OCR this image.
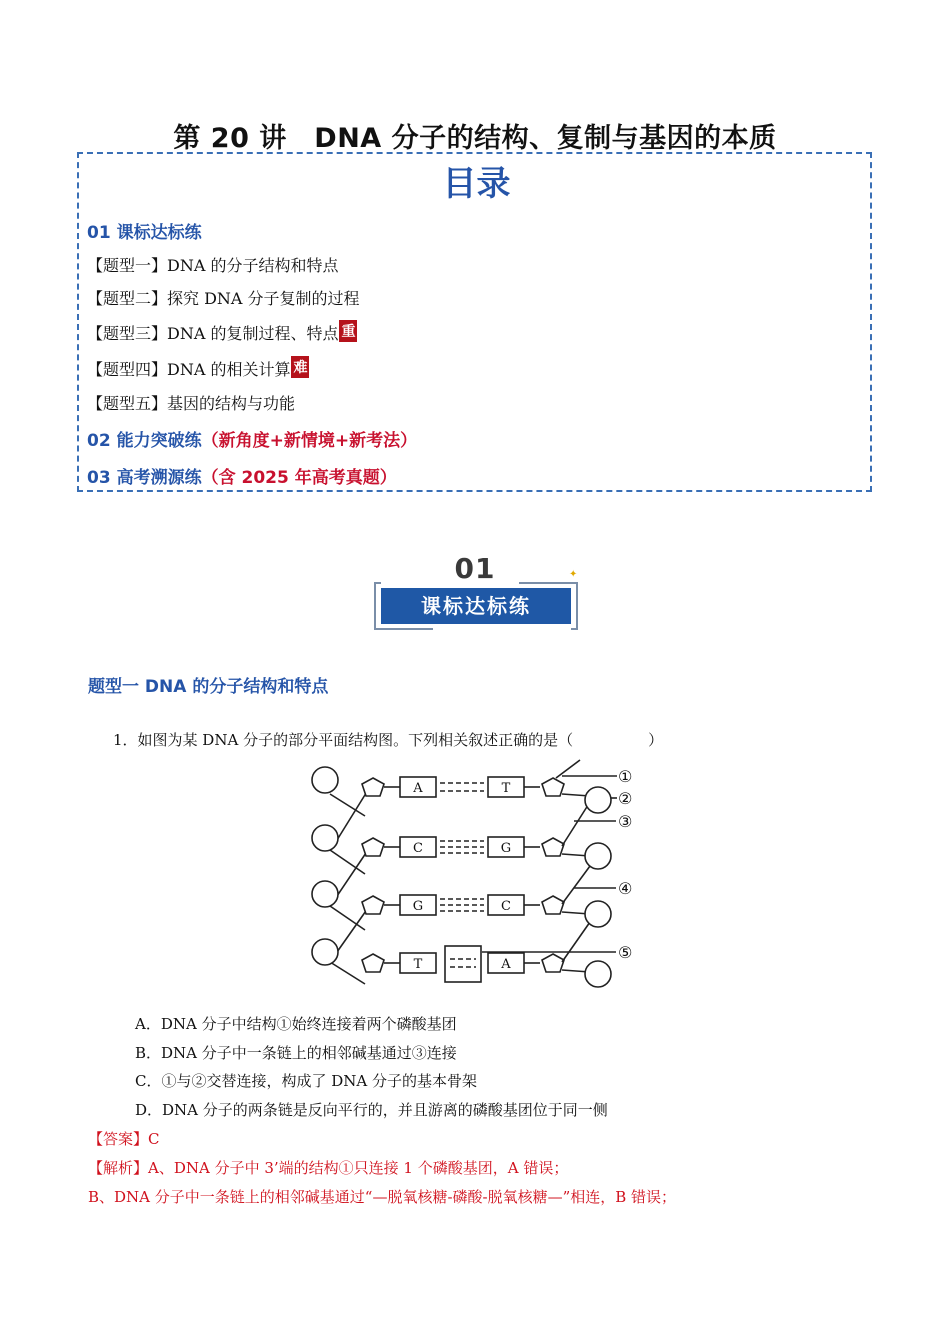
第 20 讲　DNA 分子的结构、复制与基因的本质
目录
01 课标达标练
【题型一】DNA 的分子结构和特点
【题型二】探究 DNA 分子复制的过程
【题型三】DNA 的复制过程、特点 重
【题型四】DNA 的相关计算 难
【题型五】基因的结构与功能
02 能力突破练（新角度+新情境+新考法）
03 高考溯源练（含 2025 年高考真题）
01	✦
课标达标练
题型一 DNA 的分子结构和特点
1．如图为某 DNA 分子的部分平面结构图。下列相关叙述正确的是（　　　　　）
A
C
G
T
T
G
C
A
①
②
③
④
⑤
A．DNA 分子中结构①始终连接着两个磷酸基团
B．DNA 分子中一条链上的相邻碱基通过③连接
C．①与②交替连接，构成了 DNA 分子的基本骨架
D．DNA 分子的两条链是反向平行的，并且游离的磷酸基团位于同一侧
【答案】C
【解析】A、DNA 分子中 3’端的结构①只连接 1 个磷酸基团，A 错误；
B、DNA 分子中一条链上的相邻碱基通过“—脱氧核糖-磷酸-脱氧核糖—”相连，B 错误；
